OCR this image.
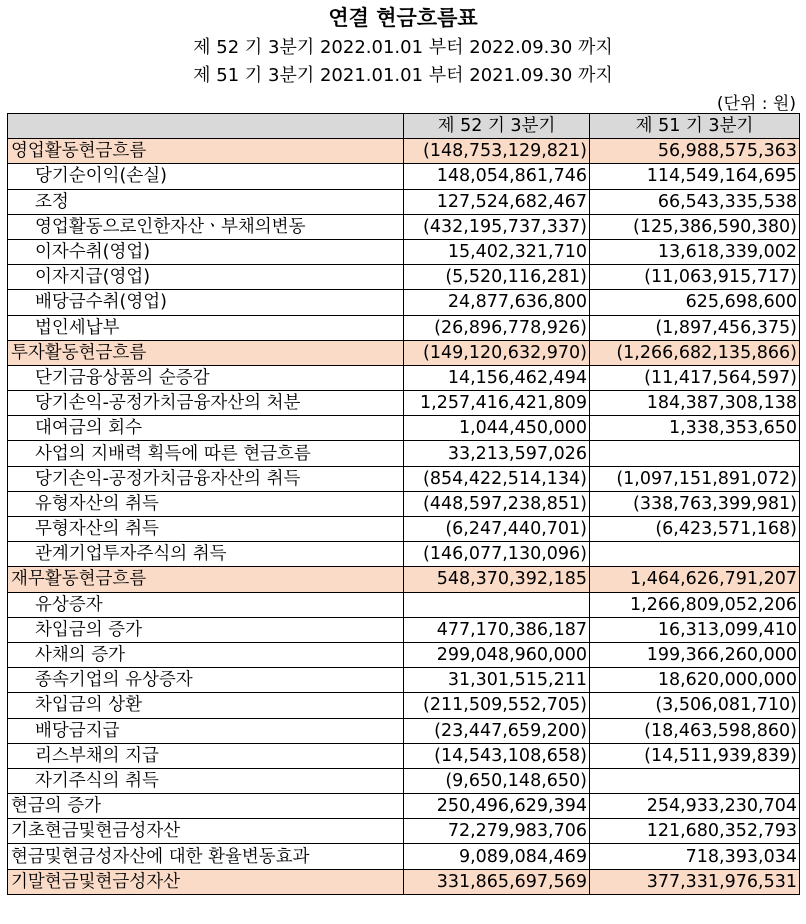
연결 현금흐름표
제 52 기 3분기 2022.01.01 부터 2022.09.30 까지
제 51 기 3분기 2021.01.01 부터 2021.09.30 까지
(단위 : 원)
	제 52 기 3분기	제 51 기 3분기
영업활동현금흐름	(148,753,129,821)	56,988,575,363
당기순이익(손실)	148,054,861,746	114,549,164,695
조정	127,524,682,467	66,543,335,538
영업활동으로인한자산ㆍ부채의변동	(432,195,737,337)	(125,386,590,380)
이자수취(영업)	15,402,321,710	13,618,339,002
이자지급(영업)	(5,520,116,281)	(11,063,915,717)
배당금수취(영업)	24,877,636,800	625,698,600
법인세납부	(26,896,778,926)	(1,897,456,375)
투자활동현금흐름	(149,120,632,970)	(1,266,682,135,866)
단기금융상품의 순증감	14,156,462,494	(11,417,564,597)
당기손익-공정가치금융자산의 처분	1,257,416,421,809	184,387,308,138
대여금의 회수	1,044,450,000	1,338,353,650
사업의 지배력 획득에 따른 현금흐름	33,213,597,026	
당기손익-공정가치금융자산의 취득	(854,422,514,134)	(1,097,151,891,072)
유형자산의 취득	(448,597,238,851)	(338,763,399,981)
무형자산의 취득	(6,247,440,701)	(6,423,571,168)
관계기업투자주식의 취득	(146,077,130,096)	
재무활동현금흐름	548,370,392,185	1,464,626,791,207
유상증자		1,266,809,052,206
차입금의 증가	477,170,386,187	16,313,099,410
사채의 증가	299,048,960,000	199,366,260,000
종속기업의 유상증자	31,301,515,211	18,620,000,000
차입금의 상환	(211,509,552,705)	(3,506,081,710)
배당금지급	(23,447,659,200)	(18,463,598,860)
리스부채의 지급	(14,543,108,658)	(14,511,939,839)
자기주식의 취득	(9,650,148,650)	
현금의 증가	250,496,629,394	254,933,230,704
기초현금및현금성자산	72,279,983,706	121,680,352,793
현금및현금성자산에 대한 환율변동효과	9,089,084,469	718,393,034
기말현금및현금성자산	331,865,697,569	377,331,976,531
